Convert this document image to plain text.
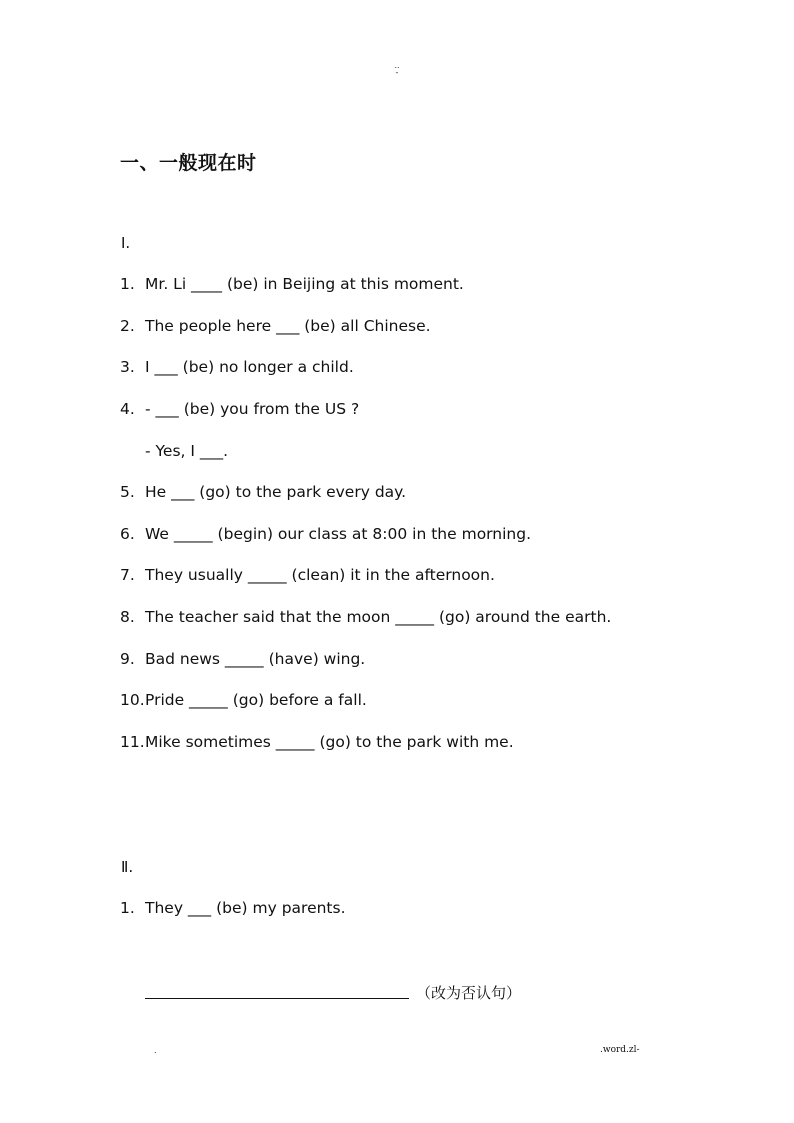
..
-
一、一般现在时
Ⅰ.
1. Mr. Li ____ (be) in Beijing at this moment.
2. The people here ___ (be) all Chinese.
3. I ___ (be) no longer a child.
4. - ___ (be) you from the US ?
- Yes, I ___.
5. He ___ (go) to the park every day.
6. We _____ (begin) our class at 8:00 in the morning.
7. They usually _____ (clean) it in the afternoon.
8. The teacher said that the moon _____ (go) around the earth.
9. Bad news _____ (have) wing.
10.Pride _____ (go) before a fall.
11.Mike sometimes _____ (go) to the park with me.
Ⅱ.
1. They ___ (be) my parents.
（改为否认句）
.	.word.zl-
